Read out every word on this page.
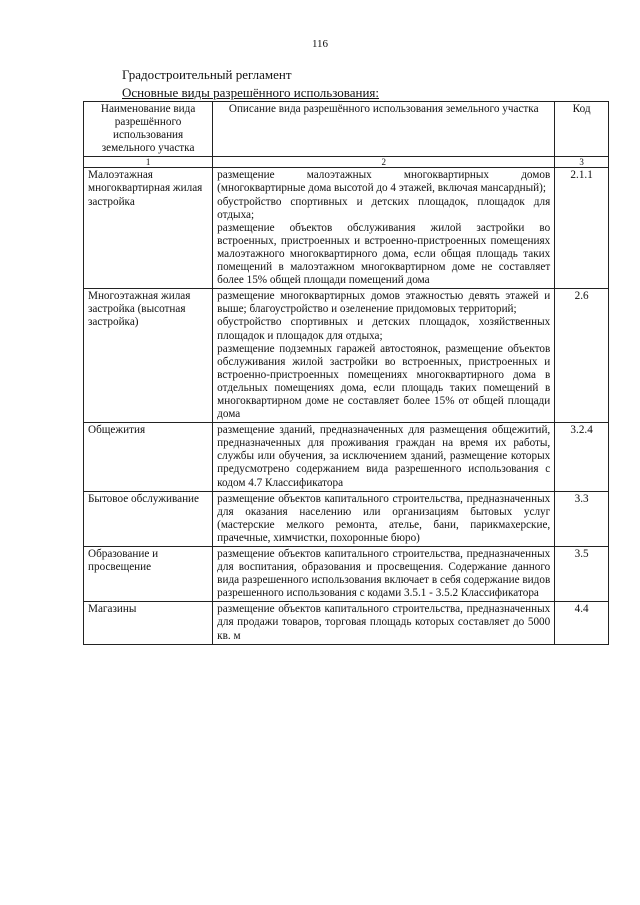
116
Градостроительный регламент
Основные виды разрешённого использования:
Наименование вида разрешённого использования земельного участка	Описание вида разрешённого использования земельного участка	Код
1	2	3
Малоэтажная многоквартирная жилая застройка	размещение малоэтажных многоквартирных домов (многоквартирные дома высотой до 4 этажей, включая мансардный);
обустройство спортивных и детских площадок, площадок для отдыха;
размещение объектов обслуживания жилой застройки во встроенных, пристроенных и встроенно-пристроенных помещениях малоэтажного многоквартирного дома, если общая площадь таких помещений в малоэтажном многоквартирном доме не составляет более 15% общей площади помещений дома	2.1.1
Многоэтажная жилая застройка (высотная застройка)	размещение многоквартирных домов этажностью девять этажей и выше; благоустройство и озеленение придомовых территорий;
обустройство спортивных и детских площадок, хозяйственных площадок и площадок для отдыха;
размещение подземных гаражей автостоянок, размещение объектов обслуживания жилой застройки во встроенных, пристроенных и встроенно-пристроенных помещениях многоквартирного дома в отдельных помещениях дома, если площадь таких помещений в многоквартирном доме не составляет более 15% от общей площади дома	2.6
Общежития	размещение зданий, предназначенных для размещения общежитий, предназначенных для проживания граждан на время их работы, службы или обучения, за исключением зданий, размещение которых предусмотрено содержанием вида разрешенного использования с кодом 4.7 Классификатора	3.2.4
Бытовое обслуживание	размещение объектов капитального строительства, предназначенных для оказания населению или организациям бытовых услуг (мастерские мелкого ремонта, ателье, бани, парикмахерские, прачечные, химчистки, похоронные бюро)	3.3
Образование и просвещение	размещение объектов капитального строительства, предназначенных для воспитания, образования и просвещения. Содержание данного вида разрешенного использования включает в себя содержание видов разрешенного использования с кодами 3.5.1 - 3.5.2 Классификатора	3.5
Магазины	размещение объектов капитального строительства, предназначенных для продажи товаров, торговая площадь которых составляет до 5000 кв. м	4.4
